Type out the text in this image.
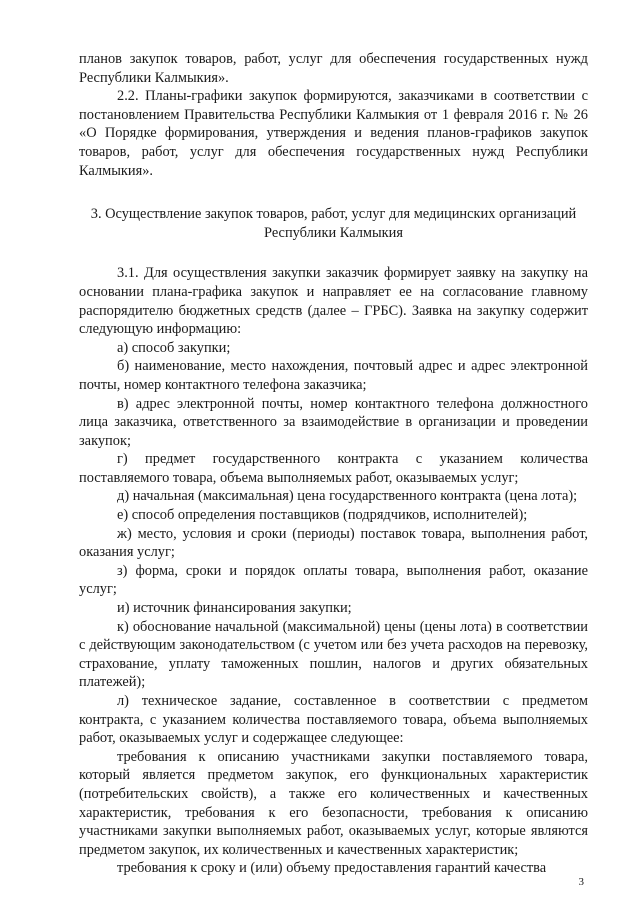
планов закупок товаров, работ, услуг для обеспечения государственных нужд Республики Калмыкия».

2.2. Планы-графики закупок формируются, заказчиками в соответствии с постановлением Правительства Республики Калмыкия от 1 февраля 2016 г. № 26 «О Порядке формирования, утверждения и ведения планов-графиков закупок товаров, работ, услуг для обеспечения государственных нужд Республики Калмыкия».

3. Осуществление закупок товаров, работ, услуг для медицинских организаций
Республики Калмыкия

3.1. Для осуществления закупки заказчик формирует заявку на закупку на основании плана-графика закупок и направляет ее на согласование главному распорядителю бюджетных средств (далее – ГРБС). Заявка на закупку содержит следующую информацию:

а) способ закупки;

б) наименование, место нахождения, почтовый адрес и адрес электронной почты, номер контактного телефона заказчика;

в) адрес электронной почты, номер контактного телефона должностного лица заказчика, ответственного за взаимодействие в организации и проведении закупок;

г) предмет государственного контракта с указанием количества поставляемого товара, объема выполняемых работ, оказываемых услуг;

д) начальная (максимальная) цена государственного контракта (цена лота);

е) способ определения поставщиков (подрядчиков, исполнителей);

ж) место, условия и сроки (периоды) поставок товара, выполнения работ, оказания услуг;

з) форма, сроки и порядок оплаты товара, выполнения работ, оказание услуг;

и) источник финансирования закупки;

к) обоснование начальной (максимальной) цены (цены лота) в соответствии с действующим законодательством (с учетом или без учета расходов на перевозку, страхование, уплату таможенных пошлин, налогов и других обязательных платежей);

л) техническое задание, составленное в соответствии с предметом контракта, с указанием количества поставляемого товара, объема выполняемых работ, оказываемых услуг и содержащее следующее:

требования к описанию участниками закупки поставляемого товара, который является предметом закупок, его функциональных характеристик (потребительских свойств), а также его количественных и качественных характеристик, требования к его безопасности, требования к описанию участниками закупки выполняемых работ, оказываемых услуг, которые являются предметом закупок, их количественных и качественных характеристик;

требования к сроку и (или) объему предоставления гарантий качества

3
